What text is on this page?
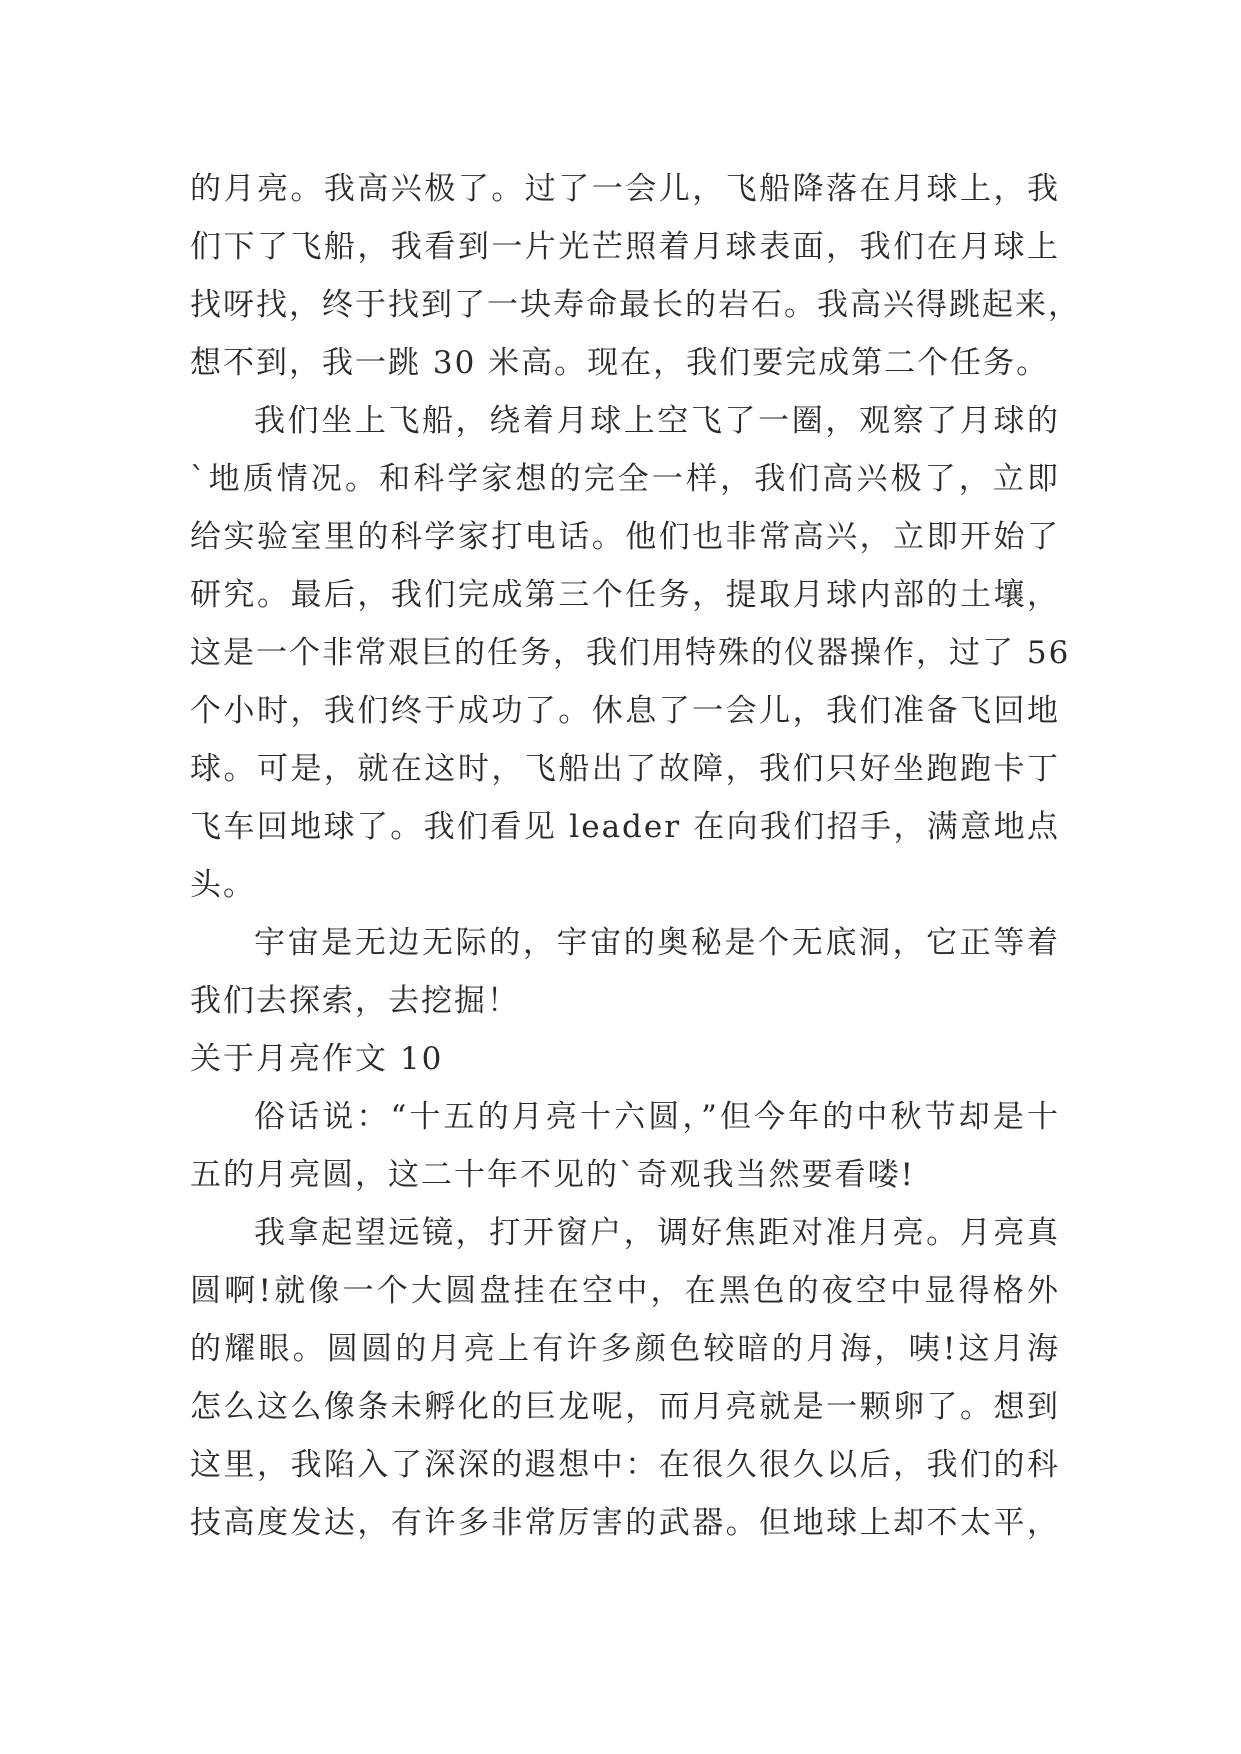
的月亮。我高兴极了。过了一会儿，飞船降落在月球上，我
们下了飞船，我看到一片光芒照着月球表面，我们在月球上
找呀找，终于找到了一块寿命最长的岩石。我高兴得跳起来，
想不到，我一跳 30 米高。现在，我们要完成第二个任务。
我们坐上飞船，绕着月球上空飞了一圈，观察了月球的
`地质情况。和科学家想的完全一样，我们高兴极了，立即
给实验室里的科学家打电话。他们也非常高兴，立即开始了
研究。最后，我们完成第三个任务，提取月球内部的土壤，
这是一个非常艰巨的任务，我们用特殊的仪器操作，过了 56
个小时，我们终于成功了。休息了一会儿，我们准备飞回地
球。可是，就在这时，飞船出了故障，我们只好坐跑跑卡丁
飞车回地球了。我们看见 leader 在向我们招手，满意地点
头。
宇宙是无边无际的，宇宙的奥秘是个无底洞，它正等着
我们去探索，去挖掘！
关于月亮作文 10
俗话说：“十五的月亮十六圆，”但今年的中秋节却是十
五的月亮圆，这二十年不见的`奇观我当然要看喽!
我拿起望远镜，打开窗户，调好焦距对准月亮。月亮真
圆啊!就像一个大圆盘挂在空中，在黑色的夜空中显得格外
的耀眼。圆圆的月亮上有许多颜色较暗的月海，咦!这月海
怎么这么像条未孵化的巨龙呢，而月亮就是一颗卵了。想到
这里，我陷入了深深的遐想中：在很久很久以后，我们的科
技高度发达，有许多非常厉害的武器。但地球上却不太平，
